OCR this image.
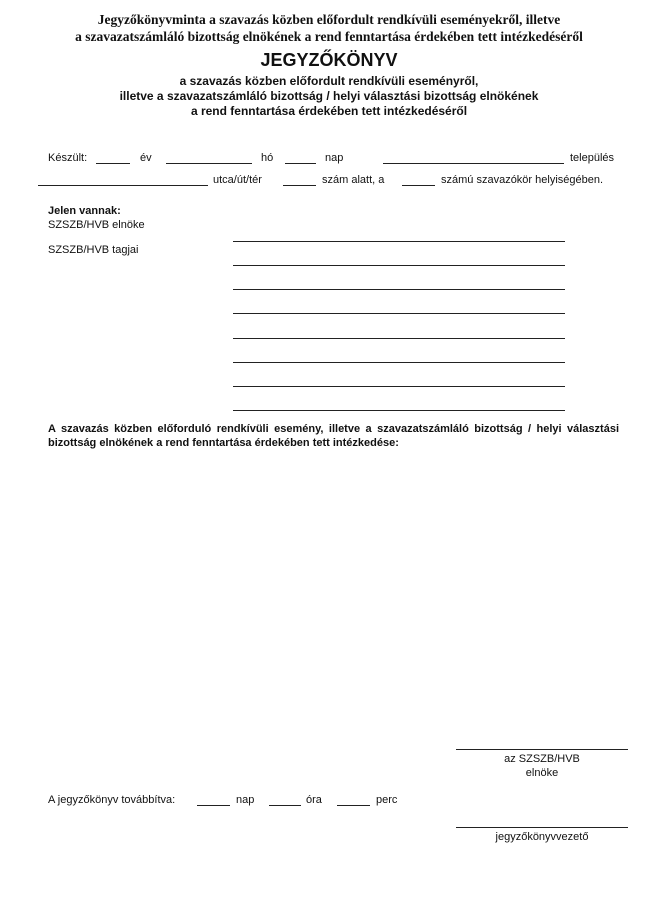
Jegyzőkönyvminta a szavazás közben előfordult rendkívüli eseményekről, illetve
a szavazatszámláló bizottság elnökének a rend fenntartása érdekében tett intézkedéséről
JEGYZŐKÖNYV
a szavazás közben előfordult rendkívüli eseményről,
illetve a szavazatszámláló bizottság / helyi választási bizottság elnökének
a rend fenntartása érdekében tett intézkedéséről
Készült:	év	hó	nap	település
utca/út/tér	szám alatt, a	számú szavazókör helyiségében.
Jelen vannak:
SZSZB/HVB elnöke
SZSZB/HVB tagjai
A szavazás közben előforduló rendkívüli esemény, illetve a szavazatszámláló bizottság / helyi választási
bizottság elnökének a rend fenntartása érdekében tett intézkedése:
az SZSZB/HVB
elnöke
A jegyzőkönyv továbbítva:	nap	óra	perc
jegyzőkönyvvezető
